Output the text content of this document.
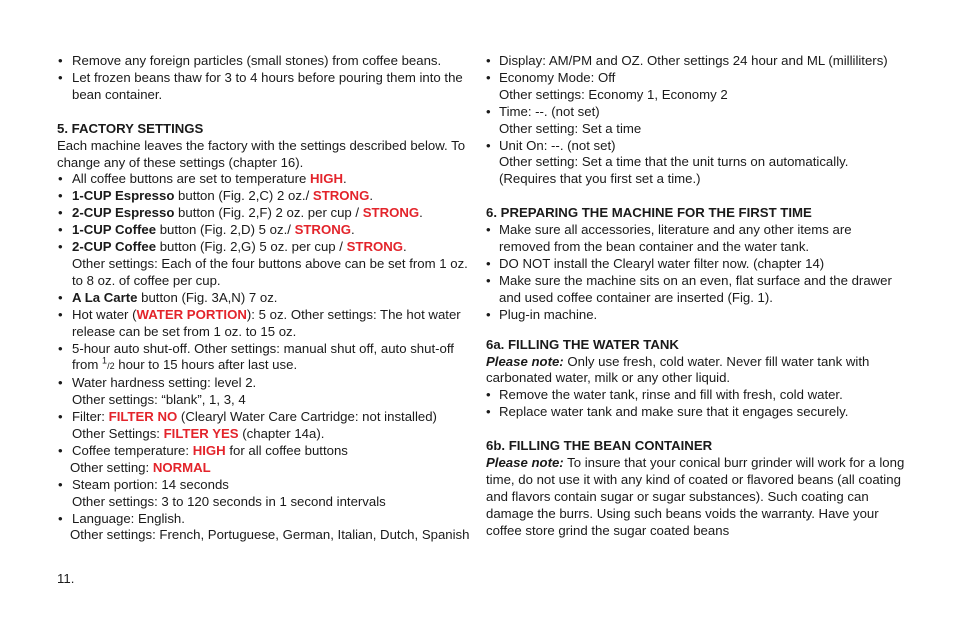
• Remove any foreign particles (small stones) from coffee beans.
• Let frozen beans thaw for 3 to 4 hours before pouring them into the bean container.
5. FACTORY SETTINGS
Each machine leaves the factory with the settings described below. To change any of these settings (chapter 16).
• All coffee buttons are set to temperature HIGH.
• 1-CUP Espresso button (Fig. 2,C) 2 oz./ STRONG.
• 2-CUP Espresso button (Fig. 2,F) 2 oz. per cup / STRONG.
• 1-CUP Coffee button (Fig. 2,D) 5 oz./ STRONG.
• 2-CUP Coffee button (Fig. 2,G) 5 oz. per cup / STRONG.
Other settings: Each of the four buttons above can be set from 1 oz. to 8 oz. of coffee per cup.
• A La Carte button (Fig. 3A,N) 7 oz.
• Hot water (WATER PORTION): 5 oz. Other settings: The hot water release can be set from 1 oz. to 15 oz.
• 5-hour auto shut-off. Other settings: manual shut off, auto shut-off from $^1$/2 hour to 15 hours after last use.
• Water hardness setting: level 2.
Other settings: “blank”, 1, 3, 4
• Filter: FILTER NO (Clearyl Water Care Cartridge: not installed)
Other Settings: FILTER YES (chapter 14a).
• Coffee temperature: HIGH for all coffee buttons
Other setting: NORMAL
• Steam portion: 14 seconds
Other settings: 3 to 120 seconds in 1 second intervals
• Language: English.
Other settings: French, Portuguese, German, Italian, Dutch, Spanish
11.
• Display: AM/PM and OZ. Other settings 24 hour and ML (milliliters)
• Economy Mode: Off
Other settings: Economy 1, Economy 2
• Time: --. (not set)
Other setting: Set a time
• Unit On: --. (not set)
Other setting: Set a time that the unit turns on automatically. (Requires that you first set a time.)
6. PREPARING THE MACHINE FOR THE FIRST TIME
• Make sure all accessories, literature and any other items are removed from the bean container and the water tank.
• DO NOT install the Clearyl water filter now. (chapter 14)
• Make sure the machine sits on an even, flat surface and the drawer and used coffee container are inserted (Fig. 1).
• Plug-in machine.
6a. FILLING THE WATER TANK
Please note: Only use fresh, cold water. Never fill water tank with carbonated water, milk or any other liquid.
• Remove the water tank, rinse and fill with fresh, cold water.
• Replace water tank and make sure that it engages securely.
6b. FILLING THE BEAN CONTAINER
Please note: To insure that your conical burr grinder will work for a long time, do not use it with any kind of coated or flavored beans (all coating and flavors contain sugar or sugar substances). Such coating can damage the burrs. Using such beans voids the warranty. Have your coffee store grind the sugar coated beans
